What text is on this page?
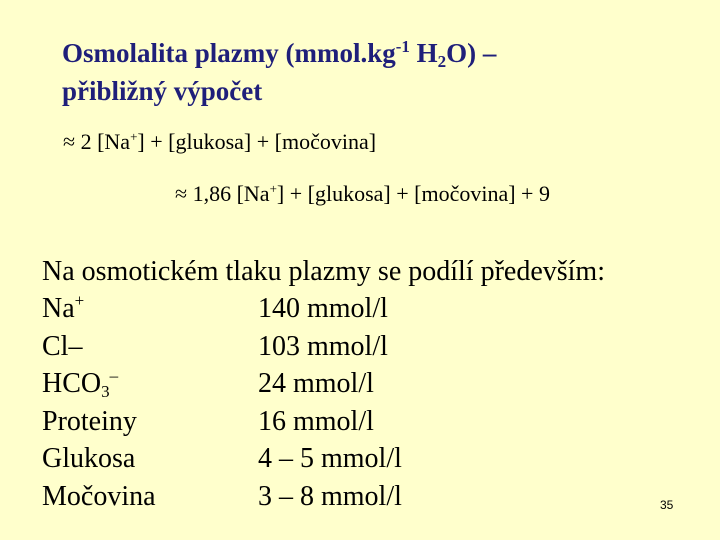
Osmolalita plazmy ($mmol.kg^{-1}$ $H_2O$) –
přibližný výpočet
≈ 2 [Na+] + [glukosa] + [močovina]
≈ 1,86 [Na+] + [glukosa] + [močovina] + 9
Na osmotickém tlaku plazmy se podílí především:
Na+	140 mmol/l
Cl–	103 mmol/l
$HCO_3^-$	24 mmol/l
Proteiny	16 mmol/l
Glukosa	4 – 5 mmol/l
Močovina	3 – 8 mmol/l	35
